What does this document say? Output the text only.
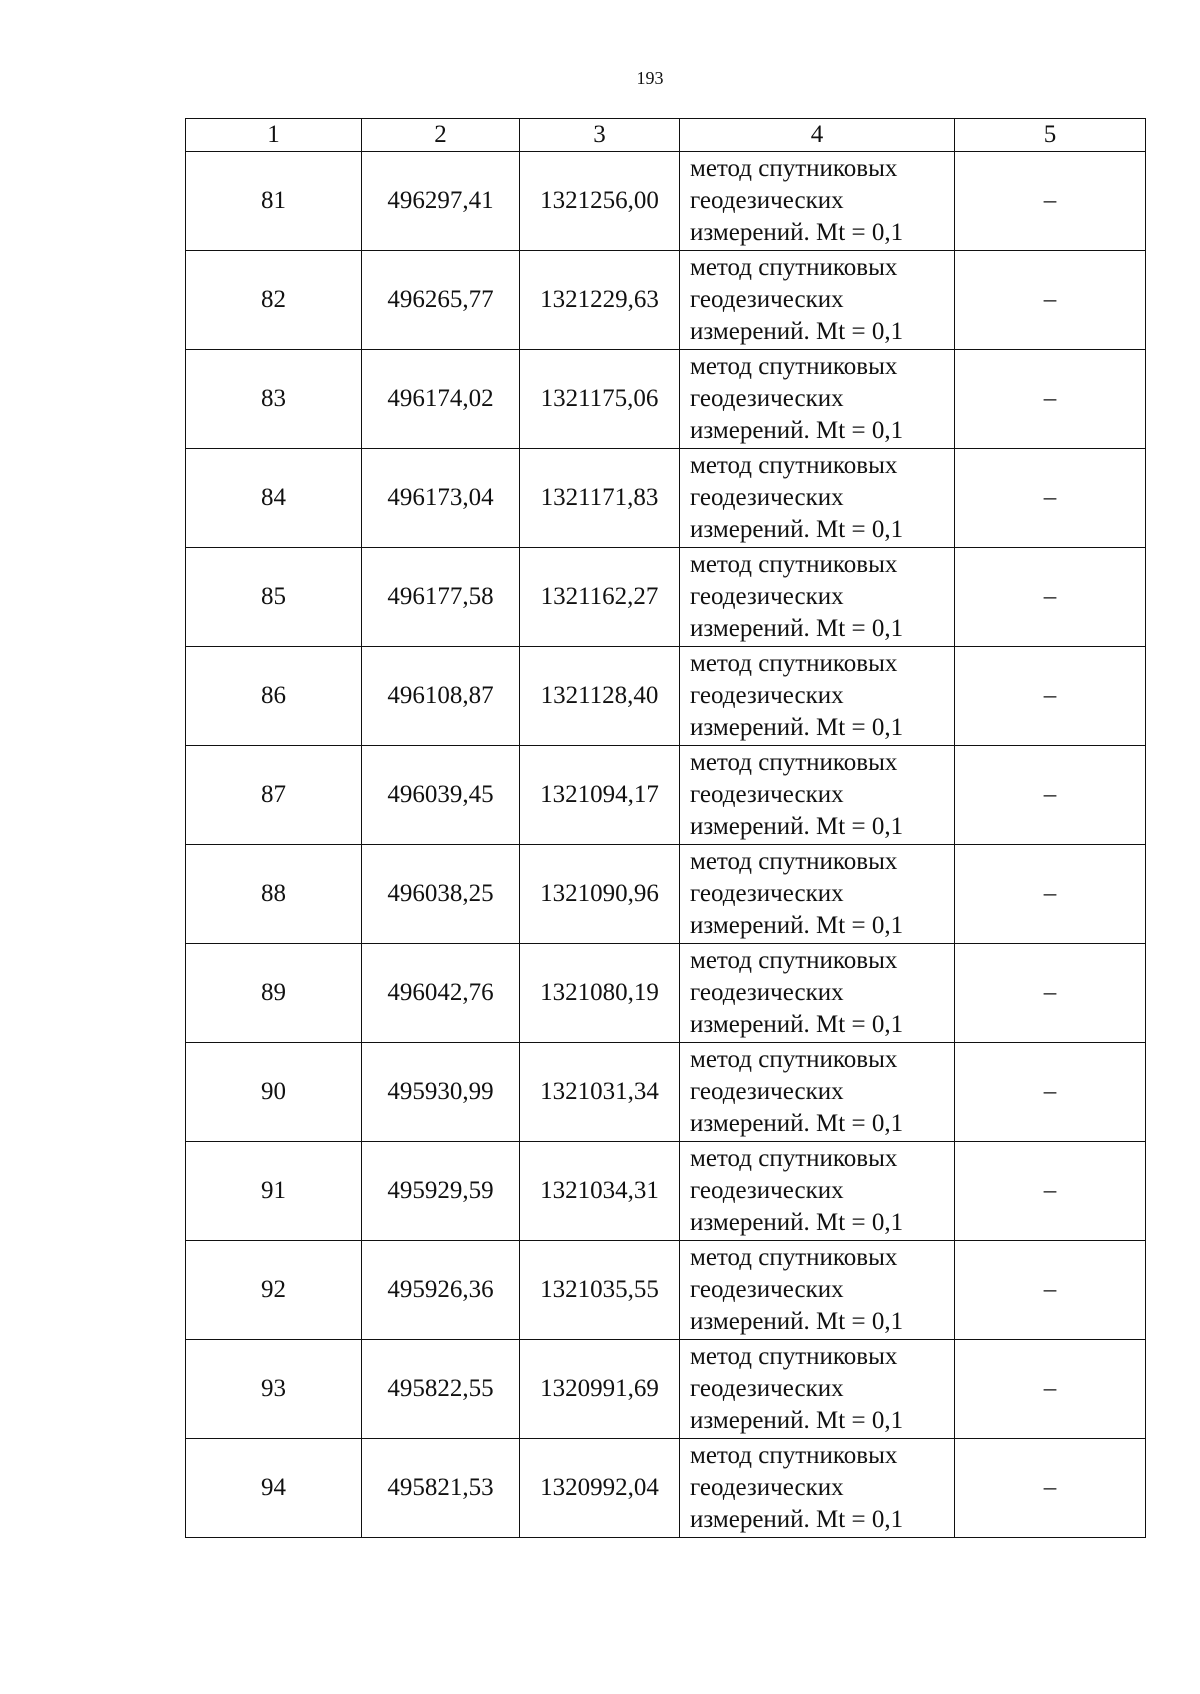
193
1	2	3	4	5
81	496297,41	1321256,00	метод спутниковых
геодезических
измерений. Mt = 0,1	–
82	496265,77	1321229,63	метод спутниковых
геодезических
измерений. Mt = 0,1	–
83	496174,02	1321175,06	метод спутниковых
геодезических
измерений. Mt = 0,1	–
84	496173,04	1321171,83	метод спутниковых
геодезических
измерений. Mt = 0,1	–
85	496177,58	1321162,27	метод спутниковых
геодезических
измерений. Mt = 0,1	–
86	496108,87	1321128,40	метод спутниковых
геодезических
измерений. Mt = 0,1	–
87	496039,45	1321094,17	метод спутниковых
геодезических
измерений. Mt = 0,1	–
88	496038,25	1321090,96	метод спутниковых
геодезических
измерений. Mt = 0,1	–
89	496042,76	1321080,19	метод спутниковых
геодезических
измерений. Mt = 0,1	–
90	495930,99	1321031,34	метод спутниковых
геодезических
измерений. Mt = 0,1	–
91	495929,59	1321034,31	метод спутниковых
геодезических
измерений. Mt = 0,1	–
92	495926,36	1321035,55	метод спутниковых
геодезических
измерений. Mt = 0,1	–
93	495822,55	1320991,69	метод спутниковых
геодезических
измерений. Mt = 0,1	–
94	495821,53	1320992,04	метод спутниковых
геодезических
измерений. Mt = 0,1	–
